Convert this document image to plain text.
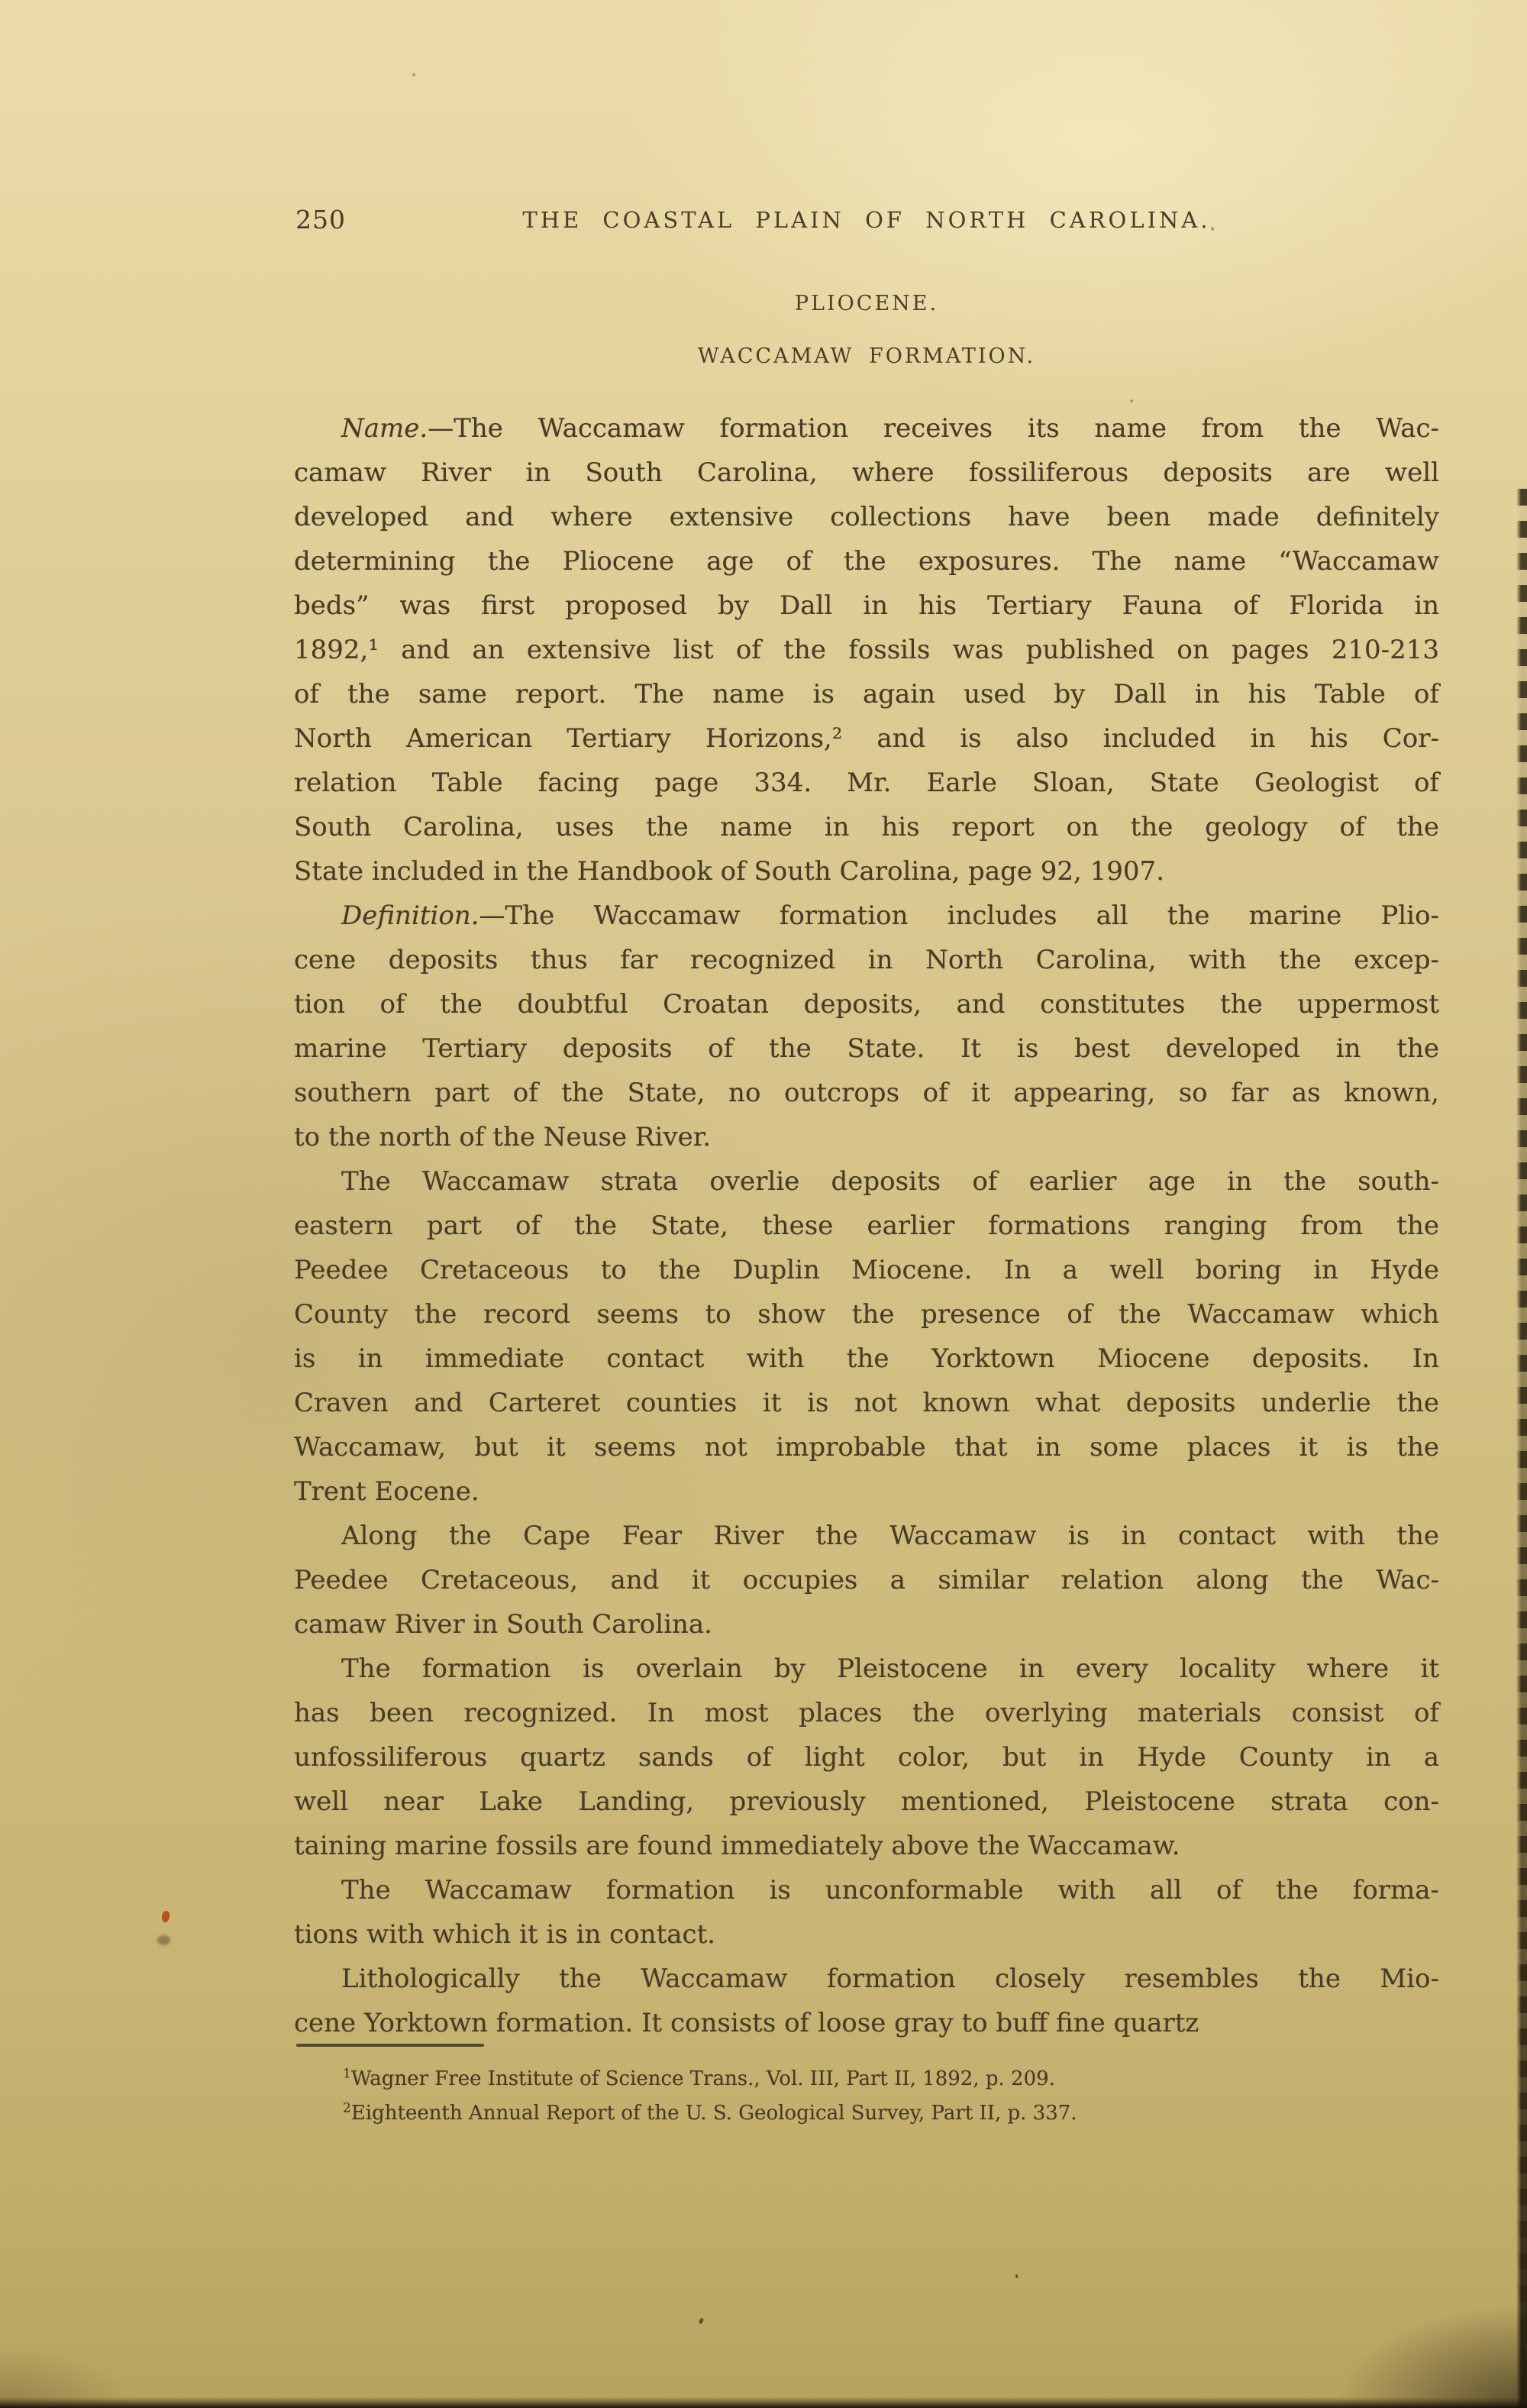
250	THE COASTAL PLAIN OF NORTH CAROLINA.
PLIOCENE.
WACCAMAW FORMATION.
Name.—The Waccamaw formation receives its name from the Wac-
camaw River in South Carolina, where fossiliferous deposits are well
developed and where extensive collections have been made definitely
determining the Pliocene age of the exposures. The name “Waccamaw
beds” was first proposed by Dall in his Tertiary Fauna of Florida in
1892,¹ and an extensive list of the fossils was published on pages 210-213
of the same report. The name is again used by Dall in his Table of
North American Tertiary Horizons,² and is also included in his Cor-
relation Table facing page 334. Mr. Earle Sloan, State Geologist of
South Carolina, uses the name in his report on the geology of the
State included in the Handbook of South Carolina, page 92, 1907.
Definition.—The Waccamaw formation includes all the marine Plio-
cene deposits thus far recognized in North Carolina, with the excep-
tion of the doubtful Croatan deposits, and constitutes the uppermost
marine Tertiary deposits of the State. It is best developed in the
southern part of the State, no outcrops of it appearing, so far as known,
to the north of the Neuse River.
The Waccamaw strata overlie deposits of earlier age in the south-
eastern part of the State, these earlier formations ranging from the
Peedee Cretaceous to the Duplin Miocene. In a well boring in Hyde
County the record seems to show the presence of the Waccamaw which
is in immediate contact with the Yorktown Miocene deposits. In
Craven and Carteret counties it is not known what deposits underlie the
Waccamaw, but it seems not improbable that in some places it is the
Trent Eocene.
Along the Cape Fear River the Waccamaw is in contact with the
Peedee Cretaceous, and it occupies a similar relation along the Wac-
camaw River in South Carolina.
The formation is overlain by Pleistocene in every locality where it
has been recognized. In most places the overlying materials consist of
unfossiliferous quartz sands of light color, but in Hyde County in a
well near Lake Landing, previously mentioned, Pleistocene strata con-
taining marine fossils are found immediately above the Waccamaw.
The Waccamaw formation is unconformable with all of the forma-
tions with which it is in contact.
Lithologically the Waccamaw formation closely resembles the Mio-
cene Yorktown formation. It consists of loose gray to buff fine quartz
$^1$Wagner Free Institute of Science Trans., Vol. III, Part II, 1892, p. 209.
$^2$Eighteenth Annual Report of the U. S. Geological Survey, Part II, p. 337.
